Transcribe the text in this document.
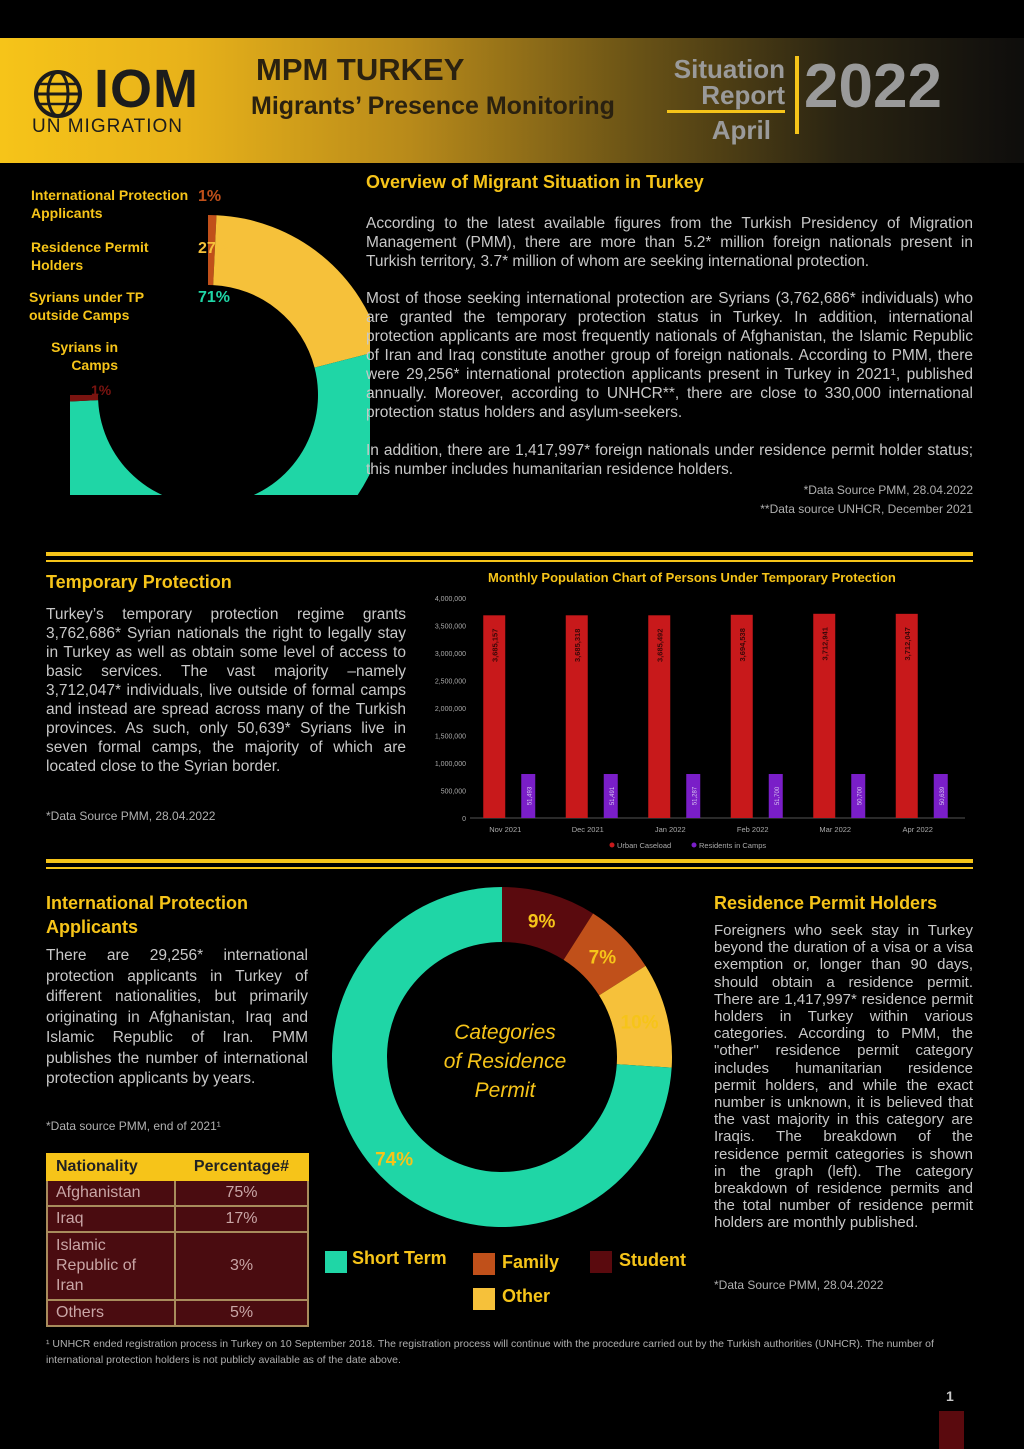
IOM
UN MIGRATION
MPM TURKEY
Migrants’ Presence Monitoring
Situation
Report
April
2022
International Protection Applicants
Residence Permit Holders
Syrians under TP outside Camps
Syrians in Camps
1%
27%
71%
1%
Overview of Migrant Situation in Turkey
According to the latest available figures from the Turkish Presidency of Migration Management (PMM), there are more than 5.2* million foreign nationals present in Turkish territory, 3.7* million of whom are seeking international protection.
Most of those seeking international protection are Syrians (3,762,686* individuals) who are granted the temporary protection status in Turkey. In addition, international protection applicants are most frequently nationals of Afghanistan, the Islamic Republic of Iran and Iraq constitute another group of foreign nationals. According to PMM, there were 29,256* international protection applicants present in Turkey in 2021¹, published annually. Moreover, according to UNHCR**, there are close to 330,000 international protection status holders and asylum-seekers.
In addition, there are 1,417,997* foreign nationals under residence permit holder status; this number includes humanitarian residence holders.
*Data Source PMM, 28.04.2022
**Data source UNHCR, December 2021
Temporary Protection
Turkey’s temporary protection regime grants 3,762,686* Syrian nationals the right to legally stay in Turkey as well as obtain some level of access to basic services. The vast majority –namely 3,712,047* individuals, live outside of formal camps and instead are spread across many of the Turkish provinces. As such, only 50,639* Syrians live in seven formal camps, the majority of which are located close to the Syrian border.
*Data Source PMM, 28.04.2022
Monthly Population Chart of Persons Under Temporary Protection
0
500,000
1,000,000
1,500,000
2,000,000
2,500,000
3,000,000
3,500,000
4,000,000
3,685,157
51,493
Nov 2021
3,685,318
51,491
Dec 2021
3,685,492
51,287
Jan 2022
3,694,538
51,700
Feb 2022
3,712,941
50,700
Mar 2022
3,712,047
50,639
Apr 2022
Urban Caseload	Residents in Camps
International Protection
Applicants
There are 29,256* international protection applicants in Turkey of different nationalities, but primarily originating in Afghanistan, Iraq and Islamic Republic of Iran. PMM publishes the number of international protection applicants by years.
*Data source PMM, end of 2021¹
Nationality	Percentage#
Afghanistan	75%
Iraq	17%
Islamic Republic of Iran	3%
Others	5%
9%
7%
10%
74%
Categories
of Residence
Permit
Short Term	Family	Student
Other
Residence Permit Holders
Foreigners who seek stay in Turkey beyond the duration of a visa or a visa exemption or, longer than 90 days, should obtain a residence permit. There are 1,417,997* residence permit holders in Turkey within various categories. According to PMM, the "other" residence permit category includes humanitarian residence permit holders, and while the exact number is unknown, it is believed that the vast majority in this category are Iraqis. The breakdown of the residence permit categories is shown in the graph (left). The category breakdown of residence permits and the total number of residence permit holders are monthly published.
*Data Source PMM, 28.04.2022
¹ UNHCR ended registration process in Turkey on 10 September 2018. The registration process will continue with the procedure carried out by the Turkish authorities (UNHCR). The number of international protection holders is not publicly available as of the date above.
1
